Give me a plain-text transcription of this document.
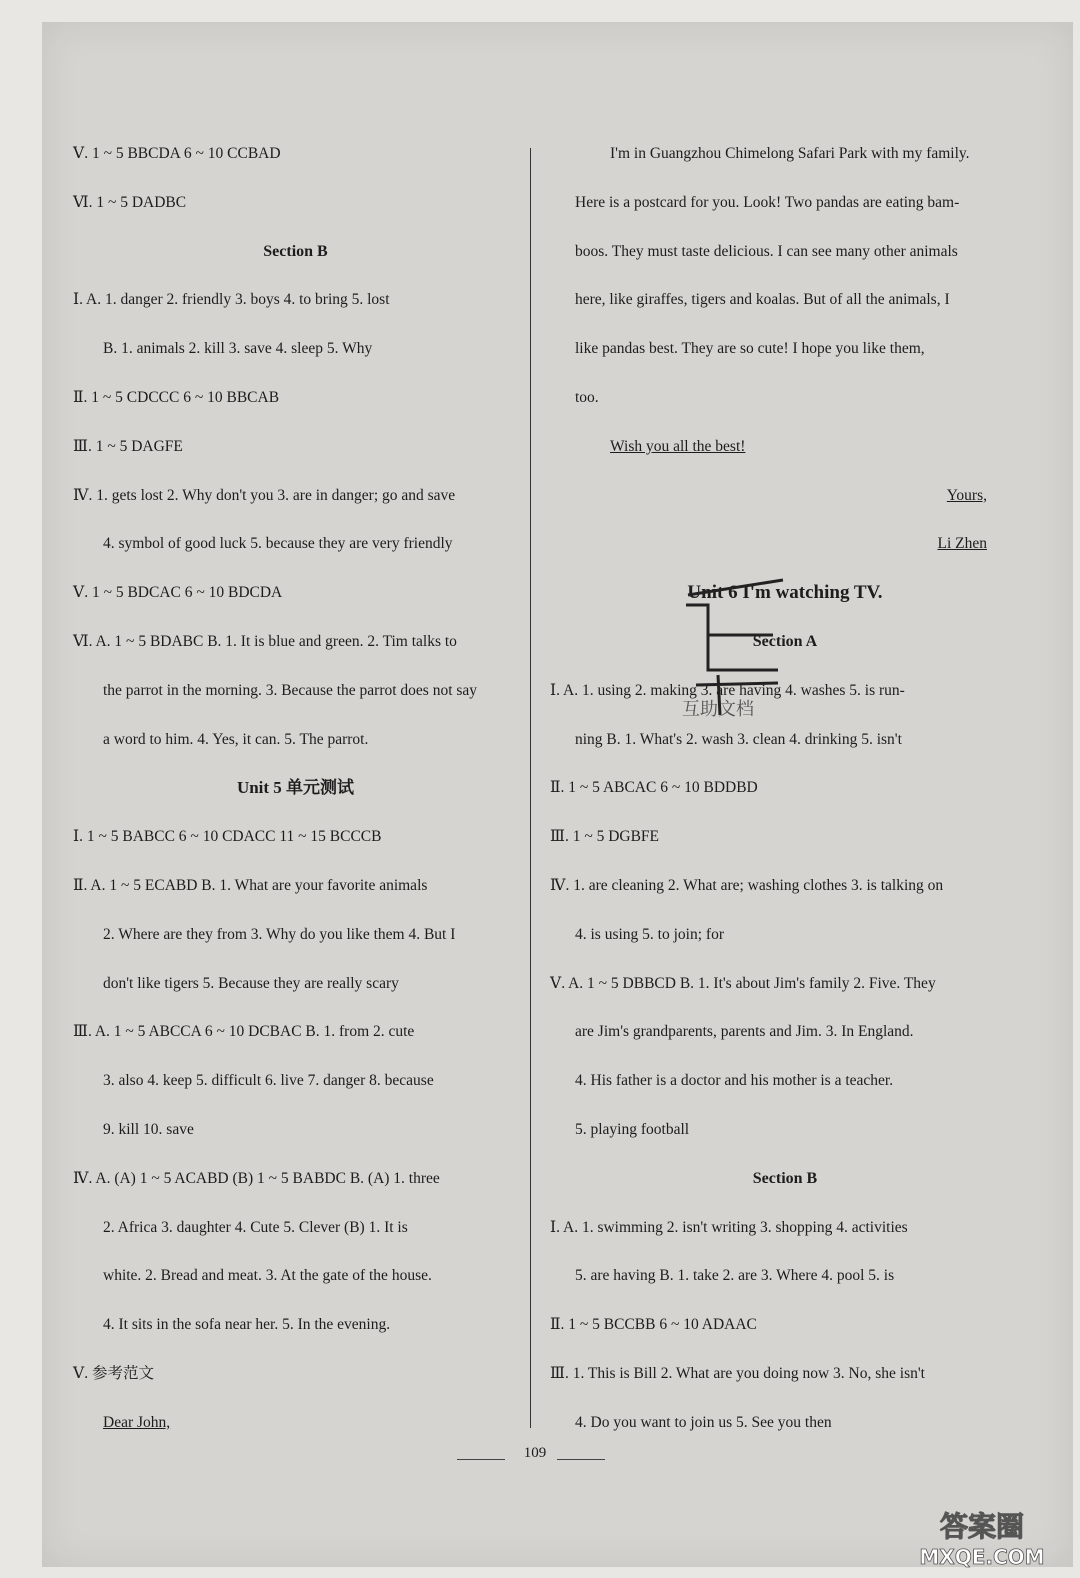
Ⅴ. 1 ~ 5 BBCDA 6 ~ 10 CCBAD
Ⅵ. 1 ~ 5 DADBC
Section B
Ⅰ. A. 1. danger 2. friendly 3. boys 4. to bring 5. lost
B. 1. animals 2. kill 3. save 4. sleep 5. Why
Ⅱ. 1 ~ 5 CDCCC 6 ~ 10 BBCAB
Ⅲ. 1 ~ 5 DAGFE
Ⅳ. 1. gets lost 2. Why don't you 3. are in danger; go and save
4. symbol of good luck 5. because they are very friendly
Ⅴ. 1 ~ 5 BDCAC 6 ~ 10 BDCDA
Ⅵ. A. 1 ~ 5 BDABC B. 1. It is blue and green. 2. Tim talks to
the parrot in the morning. 3. Because the parrot does not say
a word to him. 4. Yes, it can. 5. The parrot.
Unit 5 单元测试
Ⅰ. 1 ~ 5 BABCC 6 ~ 10 CDACC 11 ~ 15 BCCCB
Ⅱ. A. 1 ~ 5 ECABD B. 1. What are your favorite animals
2. Where are they from 3. Why do you like them 4. But I
don't like tigers 5. Because they are really scary
Ⅲ. A. 1 ~ 5 ABCCA 6 ~ 10 DCBAC B. 1. from 2. cute
3. also 4. keep 5. difficult 6. live 7. danger 8. because
9. kill 10. save
Ⅳ. A. (A) 1 ~ 5 ACABD (B) 1 ~ 5 BABDC B. (A) 1. three
2. Africa 3. daughter 4. Cute 5. Clever (B) 1. It is
white. 2. Bread and meat. 3. At the gate of the house.
4. It sits in the sofa near her. 5. In the evening.
Ⅴ. 参考范文
Dear John,
I'm in Guangzhou Chimelong Safari Park with my family.
Here is a postcard for you. Look! Two pandas are eating bam-
boos. They must taste delicious. I can see many other animals
here, like giraffes, tigers and koalas. But of all the animals, I
like pandas best. They are so cute! I hope you like them,
too.
Wish you all the best!
Yours,
Li Zhen
Unit 6 I'm watching TV.
Section A
Ⅰ. A. 1. using 2. making 3. are having 4. washes 5. is run-
ning B. 1. What's 2. wash 3. clean 4. drinking 5. isn't
Ⅱ. 1 ~ 5 ABCAC 6 ~ 10 BDDBD
Ⅲ. 1 ~ 5 DGBFE
Ⅳ. 1. are cleaning 2. What are; washing clothes 3. is talking on
4. is using 5. to join; for
Ⅴ. A. 1 ~ 5 DBBCD B. 1. It's about Jim's family 2. Five. They
are Jim's grandparents, parents and Jim. 3. In England.
4. His father is a doctor and his mother is a teacher.
5. playing football
Section B
Ⅰ. A. 1. swimming 2. isn't writing 3. shopping 4. activities
5. are having B. 1. take 2. are 3. Where 4. pool 5. is
Ⅱ. 1 ~ 5 BCCBB 6 ~ 10 ADAAC
Ⅲ. 1. This is Bill 2. What are you doing now 3. No, she isn't
4. Do you want to join us 5. See you then
互助文档
109
答案圈
MXQE.COM
